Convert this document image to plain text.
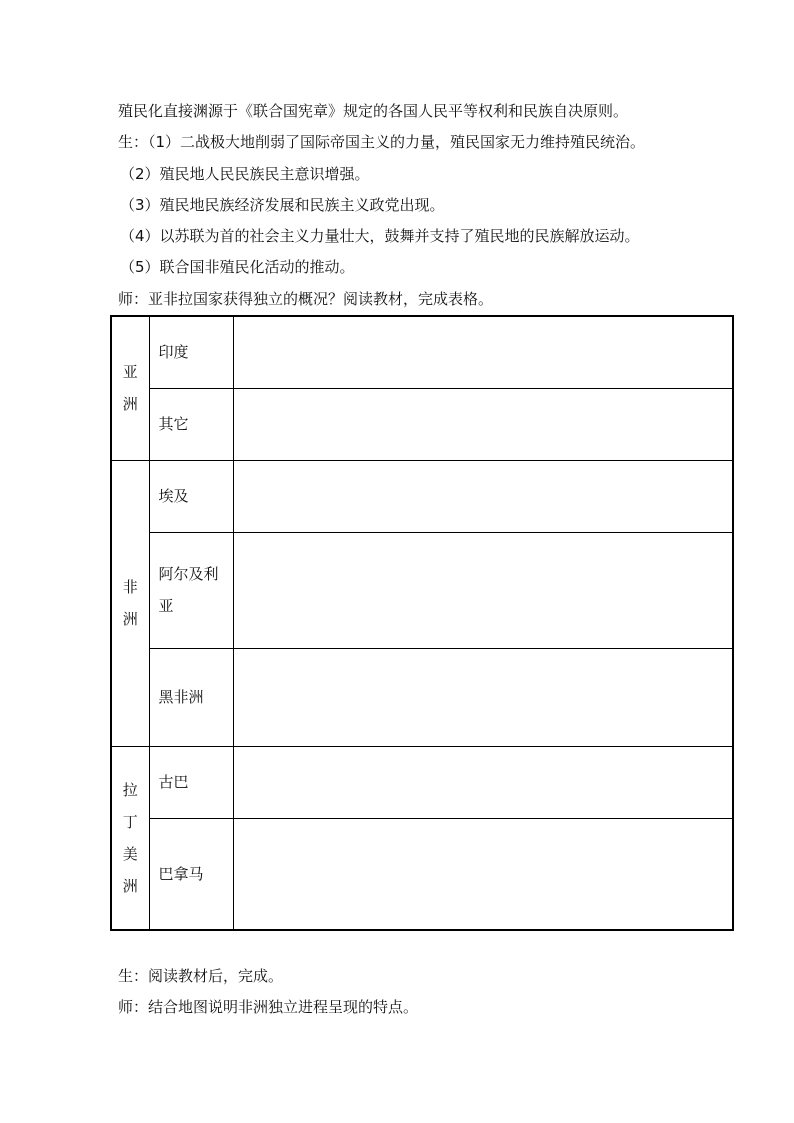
殖民化直接渊源于《联合国宪章》规定的各国人民平等权利和民族自决原则。
生：（1）二战极大地削弱了国际帝国主义的力量，殖民国家无力维持殖民统治。
（2）殖民地人民民族民主意识增强。
（3）殖民地民族经济发展和民族主义政党出现。
（4）以苏联为首的社会主义力量壮大，鼓舞并支持了殖民地的民族解放运动。
（5）联合国非殖民化活动的推动。
师：亚非拉国家获得独立的概况？阅读教材，完成表格。
亚洲	印度	
	其它	
非洲	埃及	
	阿尔及利亚	
	黑非洲	
拉丁美洲	古巴	
	巴拿马	
生：阅读教材后，完成。
师：结合地图说明非洲独立进程呈现的特点。
